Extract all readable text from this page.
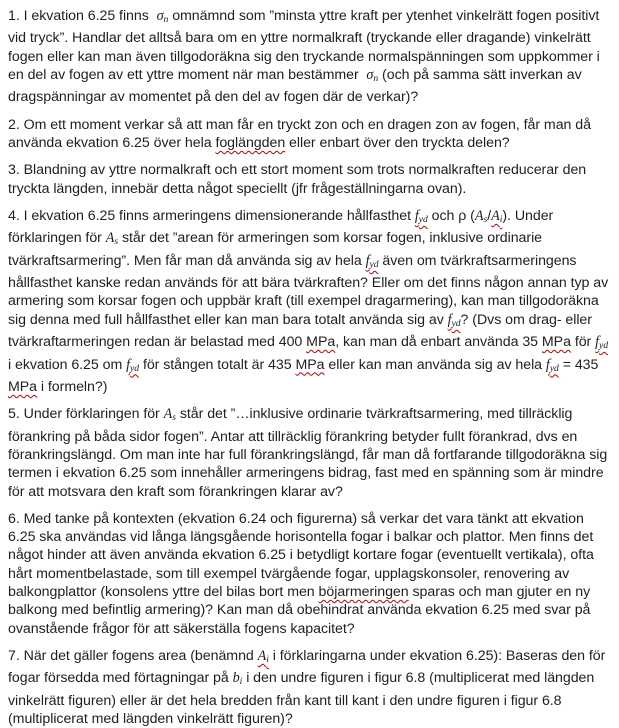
1. I ekvation 6.25 finns  $\sigma_n$ omnämnd som ”minsta yttre kraft per ytenhet vinkelrätt fogen positivt vid tryck”. Handlar det alltså bara om en yttre normalkraft (tryckande eller dragande) vinkelrätt fogen eller kan man även tillgodoräkna sig den tryckande normalspänningen som uppkommer i en del av fogen av ett yttre moment när man bestämmer  $\sigma_n$ (och på samma sätt inverkan av dragspänningar av momentet på den del av fogen där de verkar)?

2. Om ett moment verkar så att man får en tryckt zon och en dragen zon av fogen, får man då använda ekvation 6.25 över hela foglängden eller enbart över den tryckta delen?

3. Blandning av yttre normalkraft och ett stort moment som trots normalkraften reducerar den tryckta längden, innebär detta något speciellt (jfr frågeställningarna ovan).

4. I ekvation 6.25 finns armeringens dimensionerande hållfasthet $f_{yd}$ och ρ $(A_s/A_i)$. Under förklaringen för $A_s$ står det ”arean för armeringen som korsar fogen, inklusive ordinarie tvärkraftsarmering”. Men får man då använda sig av hela $f_{yd}$ även om tvärkraftsarmeringens hållfasthet kanske redan används för att bära tvärkraften? Eller om det finns någon annan typ av armering som korsar fogen och uppbär kraft (till exempel dragarmering), kan man tillgodoräkna sig denna med full hållfasthet eller kan man bara totalt använda sig av $f_{yd}$? (Dvs om drag- eller tvärkraftarmeringen redan är belastad med 400 MPa, kan man då enbart använda 35 MPa för $f_{yd}$ i ekvation 6.25 om $f_{yd}$ för stången totalt är 435 MPa eller kan man använda sig av hela $f_{yd} = 435$ MPa i formeln?)

5. Under förklaringen för $A_s$ står det ”…inklusive ordinarie tvärkraftsarmering, med tillräcklig förankring på båda sidor fogen”. Antar att tillräcklig förankring betyder fullt förankrad, dvs en förankringslängd. Om man inte har full förankringslängd, får man då fortfarande tillgodoräkna sig termen i ekvation 6.25 som innehåller armeringens bidrag, fast med en spänning som är mindre för att motsvara den kraft som förankringen klarar av?

6. Med tanke på kontexten (ekvation 6.24 och figurerna) så verkar det vara tänkt att ekvation 6.25 ska användas vid långa längsgående horisontella fogar i balkar och plattor. Men finns det något hinder att även använda ekvation 6.25 i betydligt kortare fogar (eventuellt vertikala), ofta hårt momentbelastade, som till exempel tvärgående fogar, upplagskonsoler, renovering av balkongplattor (konsolens yttre del bilas bort men böjarmeringen sparas och man gjuter en ny balkong med befintlig armering)? Kan man då obehindrat använda ekvation 6.25 med svar på ovanstående frågor för att säkerställa fogens kapacitet?

7. När det gäller fogens area (benämnd $A_i$ i förklaringarna under ekvation 6.25): Baseras den för fogar försedda med förtagningar på $b_i$ i den undre figuren i figur 6.8 (multiplicerat med längden vinkelrätt figuren) eller är det hela bredden från kant till kant i den undre figuren i figur 6.8 (multiplicerat med längden vinkelrätt figuren)?
